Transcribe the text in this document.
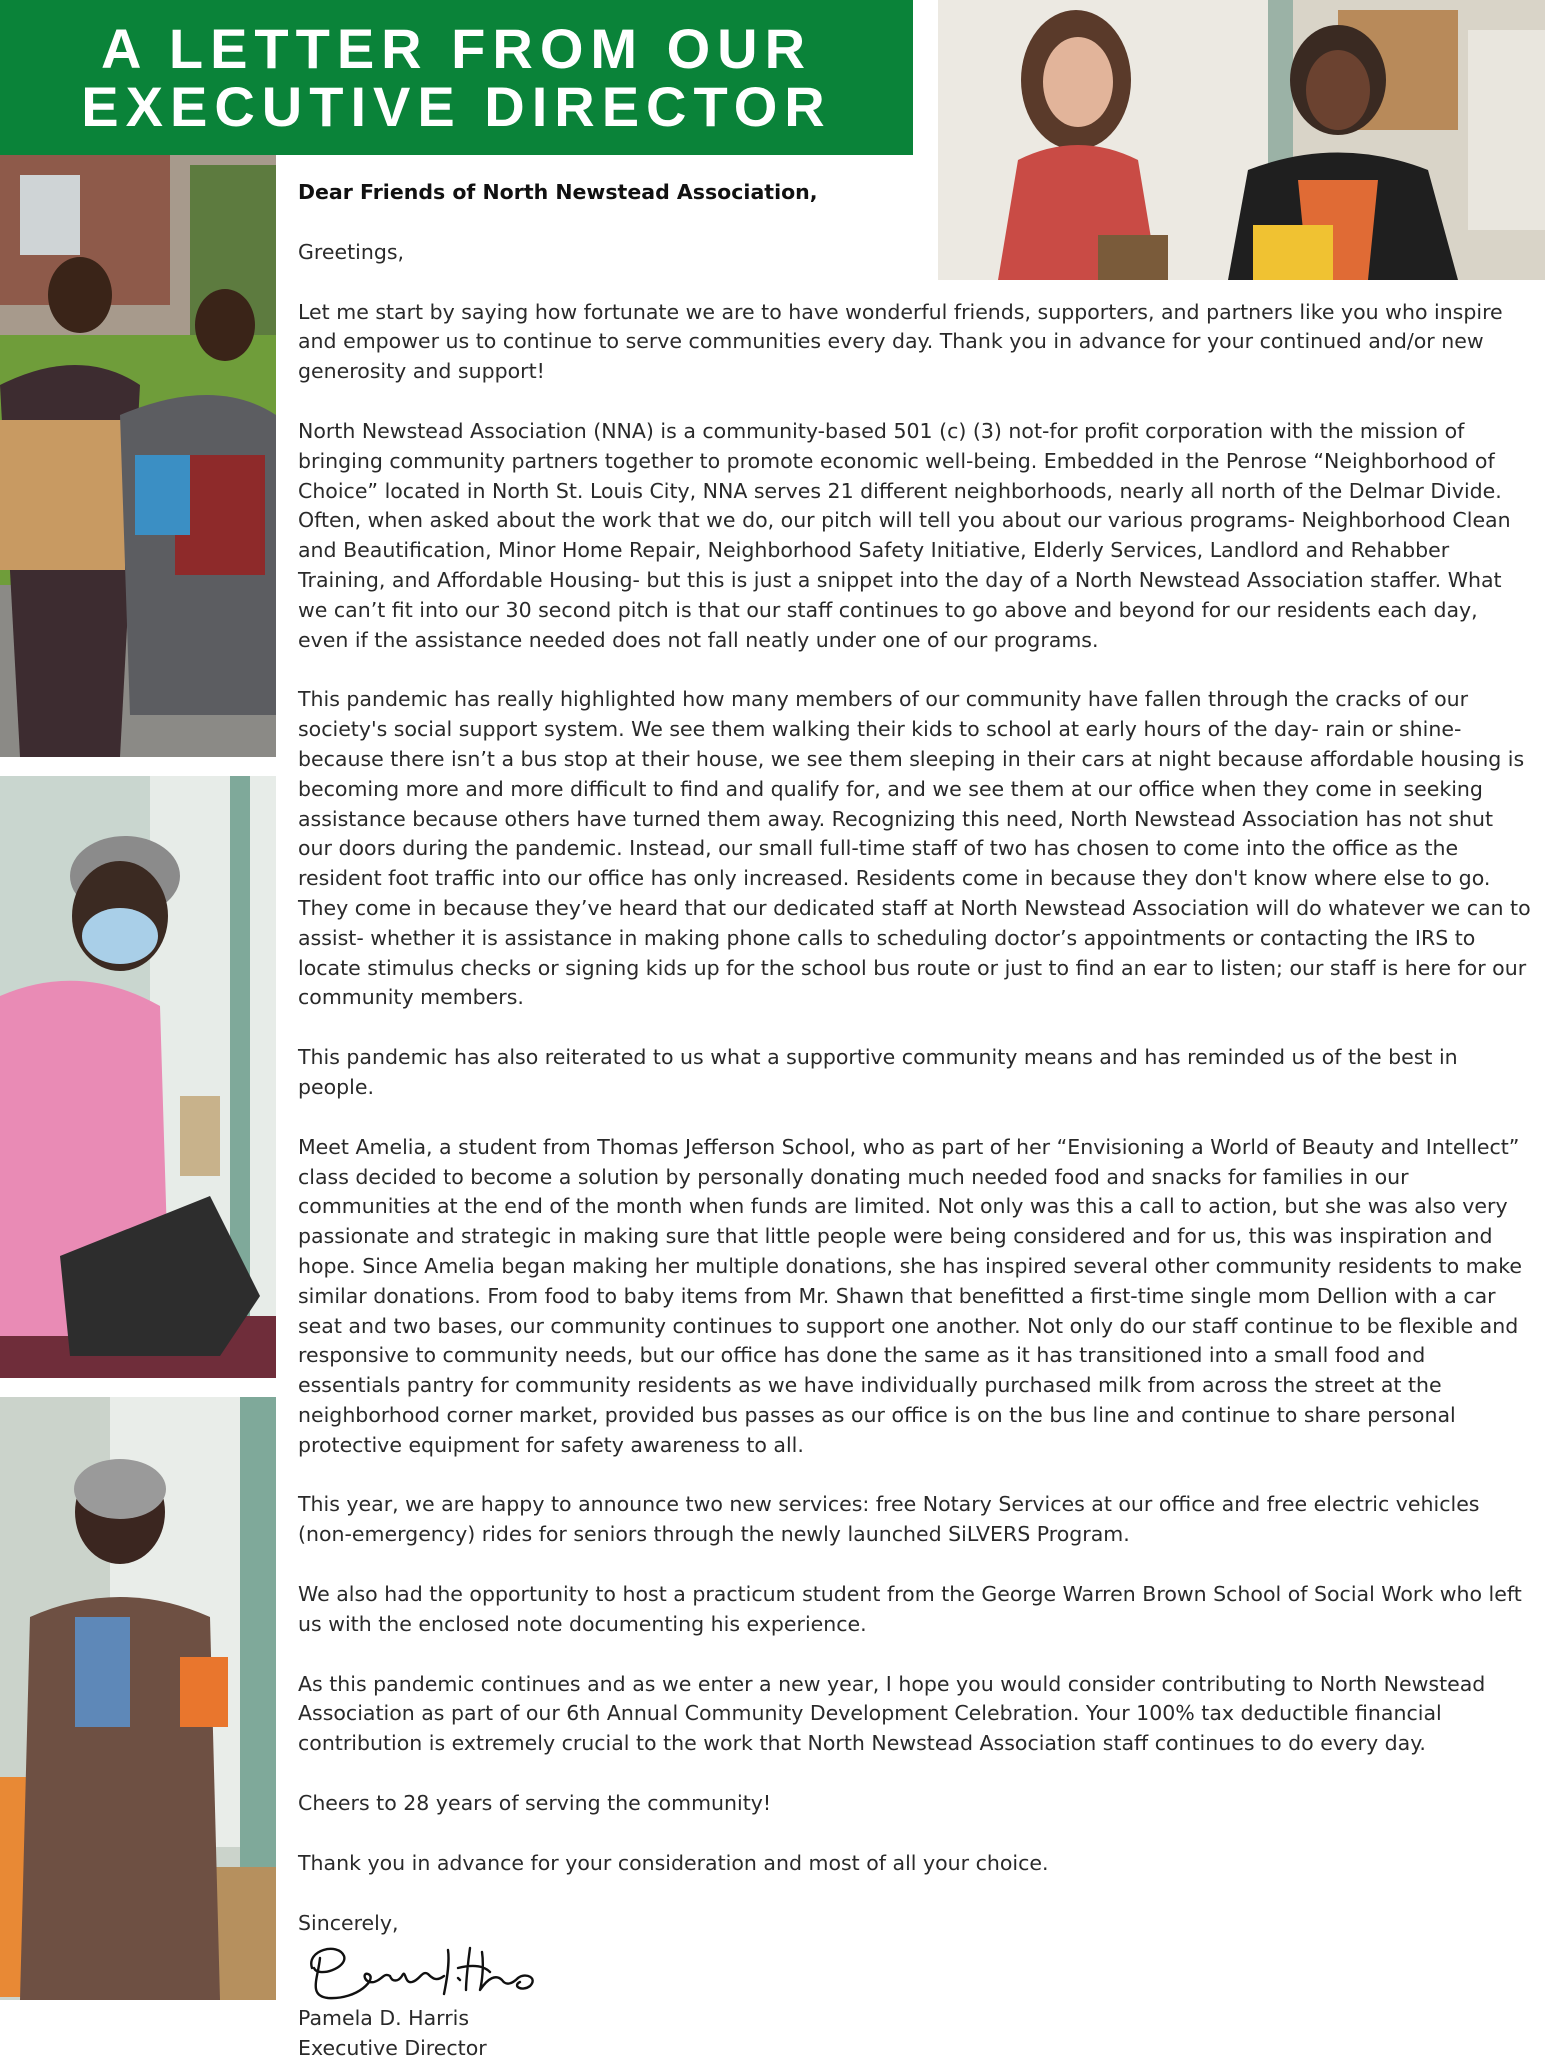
A LETTER FROM OUR
EXECUTIVE DIRECTOR

Dear Friends of North Newstead Association,

Greetings,

Let me start by saying how fortunate we are to have wonderful friends, supporters, and partners like you who inspire and empower us to continue to serve communities every day. Thank you in advance for your continued and/or new generosity and support!

North Newstead Association (NNA) is a community-based 501 (c) (3) not-for profit corporation with the mission of bringing community partners together to promote economic well-being. Embedded in the Penrose “Neighborhood of Choice” located in North St. Louis City, NNA serves 21 different neighborhoods, nearly all north of the Delmar Divide. Often, when asked about the work that we do, our pitch will tell you about our various programs- Neighborhood Clean and Beautification, Minor Home Repair, Neighborhood Safety Initiative, Elderly Services, Landlord and Rehabber Training, and Affordable Housing- but this is just a snippet into the day of a North Newstead Association staffer. What we can’t fit into our 30 second pitch is that our staff continues to go above and beyond for our residents each day, even if the assistance needed does not fall neatly under one of our programs.

This pandemic has really highlighted how many members of our community have fallen through the cracks of our society's social support system. We see them walking their kids to school at early hours of the day- rain or shine- because there isn’t a bus stop at their house, we see them sleeping in their cars at night because affordable housing is becoming more and more difficult to find and qualify for, and we see them at our office when they come in seeking assistance because others have turned them away. Recognizing this need, North Newstead Association has not shut our doors during the pandemic. Instead, our small full-time staff of two has chosen to come into the office as the resident foot traffic into our office has only increased. Residents come in because they don't know where else to go. They come in because they’ve heard that our dedicated staff at North Newstead Association will do whatever we can to assist- whether it is assistance in making phone calls to scheduling doctor’s appointments or contacting the IRS to locate stimulus checks or signing kids up for the school bus route or just to find an ear to listen; our staff is here for our community members.

This pandemic has also reiterated to us what a supportive community means and has reminded us of the best in people.

Meet Amelia, a student from Thomas Jefferson School, who as part of her “Envisioning a World of Beauty and Intellect” class decided to become a solution by personally donating much needed food and snacks for families in our communities at the end of the month when funds are limited. Not only was this a call to action, but she was also very passionate and strategic in making sure that little people were being considered and for us, this was inspiration and hope. Since Amelia began making her multiple donations, she has inspired several other community residents to make similar donations. From food to baby items from Mr. Shawn that benefitted a first-time single mom Dellion with a car seat and two bases, our community continues to support one another. Not only do our staff continue to be flexible and responsive to community needs, but our office has done the same as it has transitioned into a small food and essentials pantry for community residents as we have individually purchased milk from across the street at the neighborhood corner market, provided bus passes as our office is on the bus line and continue to share personal protective equipment for safety awareness to all.

This year, we are happy to announce two new services: free Notary Services at our office and free electric vehicles (non-emergency) rides for seniors through the newly launched SiLVERS Program.

We also had the opportunity to host a practicum student from the George Warren Brown School of Social Work who left us with the enclosed note documenting his experience.

As this pandemic continues and as we enter a new year, I hope you would consider contributing to North Newstead Association as part of our 6th Annual Community Development Celebration. Your 100% tax deductible financial contribution is extremely crucial to the work that North Newstead Association staff continues to do every day.

Cheers to 28 years of serving the community!

Thank you in advance for your consideration and most of all your choice.

Sincerely,

Pamela D. Harris

Executive Director
